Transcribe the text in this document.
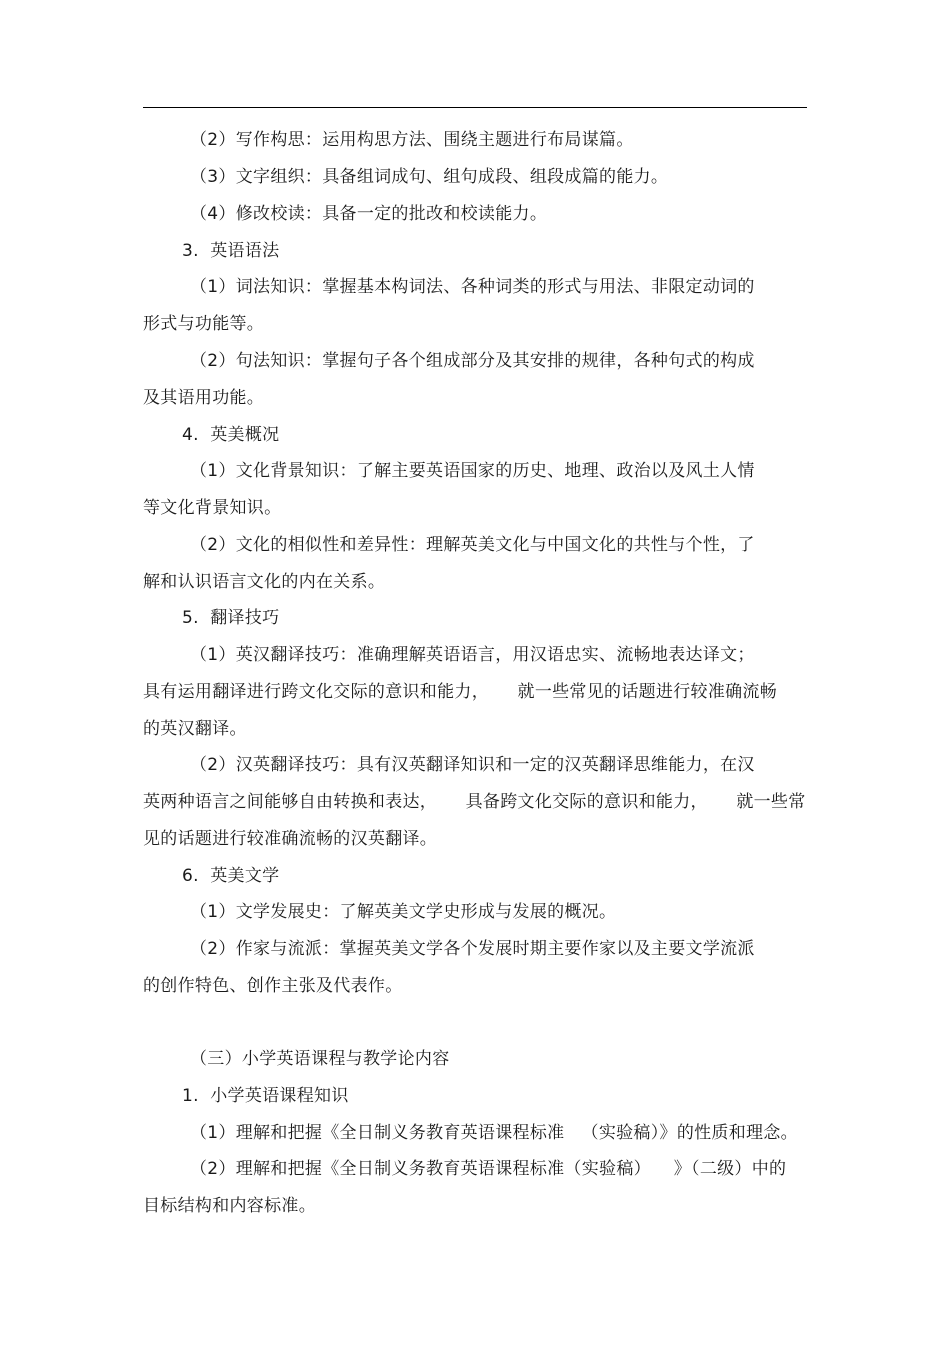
（2）写作构思：运用构思方法、围绕主题进行布局谋篇。
（3）文字组织：具备组词成句、组句成段、组段成篇的能力。
（4）修改校读：具备一定的批改和校读能力。
3.  英语语法
（1）词法知识：掌握基本构词法、各种词类的形式与用法、非限定动词的
形式与功能等。
（2）句法知识：掌握句子各个组成部分及其安排的规律，各种句式的构成
及其语用功能。
4.  英美概况
（1）文化背景知识：了解主要英语国家的历史、地理、政治以及风土人情
等文化背景知识。
（2）文化的相似性和差异性：理解英美文化与中国文化的共性与个性，了
解和认识语言文化的内在关系。
5.  翻译技巧
（1）英汉翻译技巧：准确理解英语语言，用汉语忠实、流畅地表达译文；
具有运用翻译进行跨文化交际的意识和能力，     就一些常见的话题进行较准确流畅
的英汉翻译。
（2）汉英翻译技巧：具有汉英翻译知识和一定的汉英翻译思维能力，在汉
英两种语言之间能够自由转换和表达，     具备跨文化交际的意识和能力，     就一些常
见的话题进行较准确流畅的汉英翻译。
6.  英美文学
（1）文学发展史：了解英美文学史形成与发展的概况。
（2）作家与流派：掌握英美文学各个发展时期主要作家以及主要文学流派
的创作特色、创作主张及代表作。
（三）小学英语课程与教学论内容
1.  小学英语课程知识
（1）理解和把握《全日制义务教育英语课程标准   （实验稿）》的性质和理念。
（2）理解和把握《全日制义务教育英语课程标准（实验稿）    》（二级）中的
目标结构和内容标准。
